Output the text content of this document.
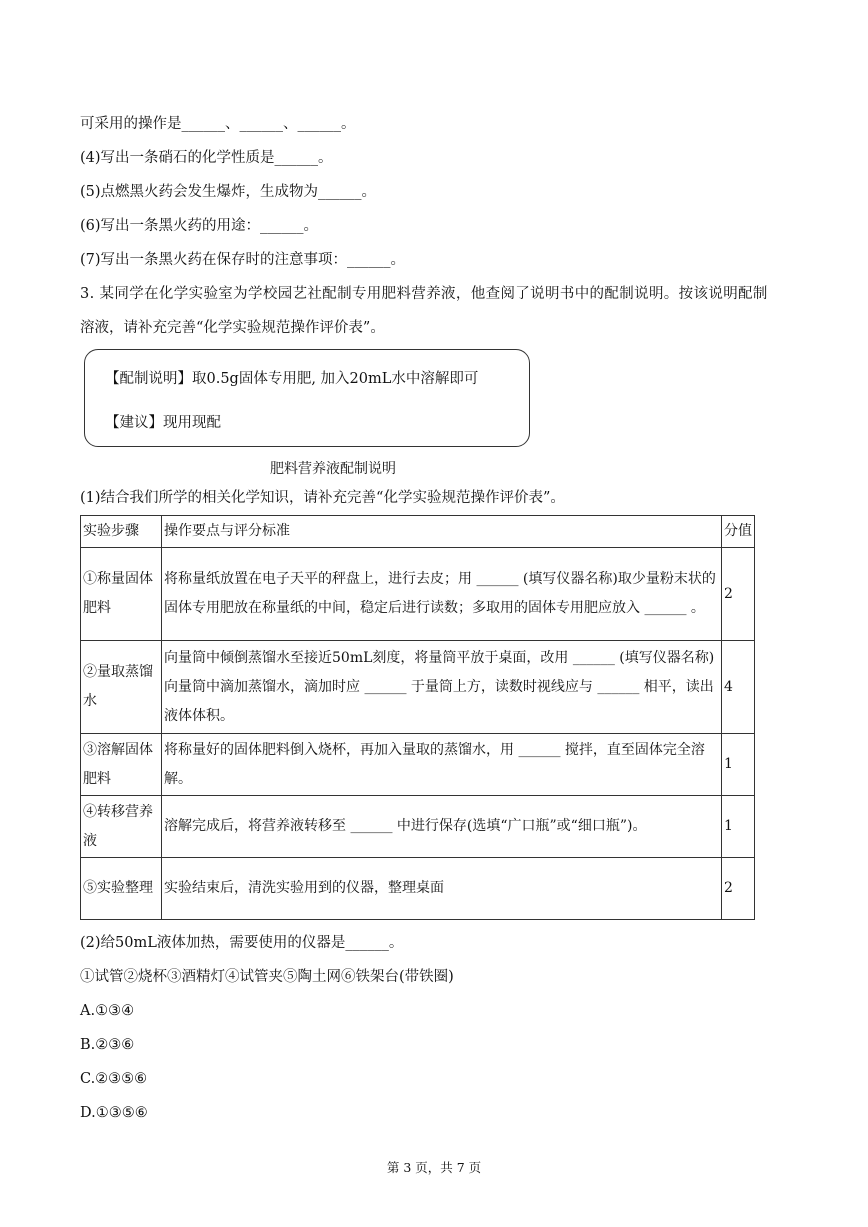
可采用的操作是______、______、______。
(4)写出一条硝石的化学性质是______。
(5)点燃黑火药会发生爆炸，生成物为______。
(6)写出一条黑火药的用途：______。
(7)写出一条黑火药在保存时的注意事项：______。
3. 某同学在化学实验室为学校园艺社配制专用肥料营养液，他查阅了说明书中的配制说明。按该说明配制
溶液，请补充完善“化学实验规范操作评价表”。
【配制说明】取0.5g固体专用肥, 加入20mL水中溶解即可
【建议】现用现配
肥料营养液配制说明
(1)结合我们所学的相关化学知识，请补充完善“化学实验规范操作评价表”。
实验步骤	操作要点与评分标准	分值
①称量固体肥料	将称量纸放置在电子天平的秤盘上，进行去皮；用 ______ (填写仪器名称)取少量粉末状的固体专用肥放在称量纸的中间，稳定后进行读数；多取用的固体专用肥应放入 ______ 。	2
②量取蒸馏水	向量筒中倾倒蒸馏水至接近50mL刻度，将量筒平放于桌面，改用 ______ (填写仪器名称)向量筒中滴加蒸馏水，滴加时应 ______ 于量筒上方，读数时视线应与 ______ 相平，读出液体体积。	4
③溶解固体肥料	将称量好的固体肥料倒入烧杯，再加入量取的蒸馏水，用 ______ 搅拌，直至固体完全溶解。	1
④转移营养液	溶解完成后，将营养液转移至 ______ 中进行保存(选填“广口瓶”或“细口瓶”)。	1
⑤实验整理	实验结束后，清洗实验用到的仪器，整理桌面	2
(2)给50mL液体加热，需要使用的仪器是______。
①试管②烧杯③酒精灯④试管夹⑤陶土网⑥铁架台(带铁圈)
A.①③④
B.②③⑥
C.②③⑤⑥
D.①③⑤⑥
第 3 页，共 7 页
